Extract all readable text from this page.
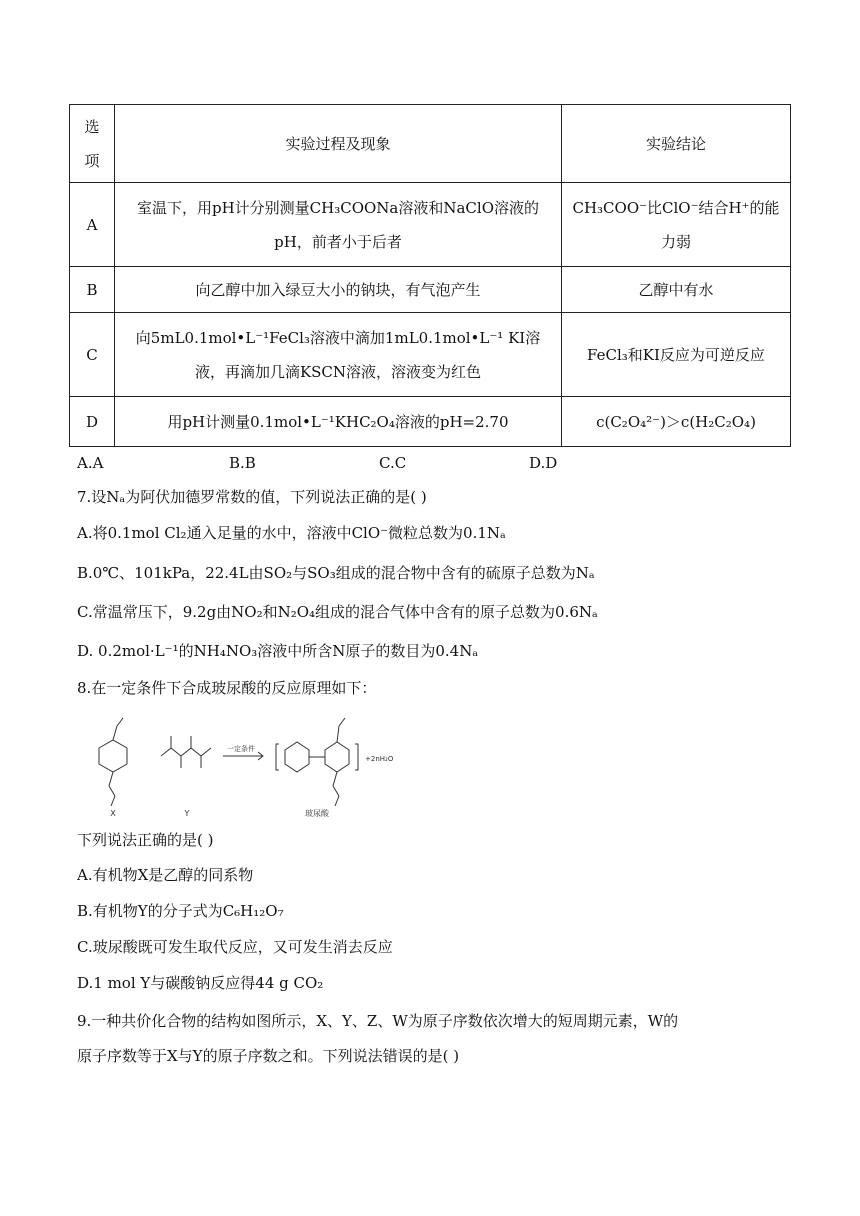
选项	实验过程及现象	实验结论
A	室温下，用pH计分别测量CH₃COONa溶液和NaClO溶液的pH，前者小于后者	CH₃COO⁻比ClO⁻结合H⁺的能力弱
B	向乙醇中加入绿豆大小的钠块，有气泡产生	乙醇中有水
C	向5mL0.1mol•L⁻¹FeCl₃溶液中滴加1mL0.1mol•L⁻¹ KI溶液，再滴加几滴KSCN溶液，溶液变为红色	FeCl₃和KI反应为可逆反应
D	用pH计测量0.1mol•L⁻¹KHC₂O₄溶液的pH=2.70	c(C₂O₄²⁻)＞c(H₂C₂O₄)
A.A	B.B	C.C	D.D
7.设Nₐ为阿伏加德罗常数的值，下列说法正确的是( )
A.将0.1mol Cl₂通入足量的水中，溶液中ClO⁻微粒总数为0.1Nₐ
B.0℃、101kPa，22.4L由SO₂与SO₃组成的混合物中含有的硫原子总数为Nₐ
C.常温常压下，9.2g由NO₂和N₂O₄组成的混合气体中含有的原子总数为0.6Nₐ
D. 0.2mol·L⁻¹的NH₄NO₃溶液中所含N原子的数目为0.4Nₐ
8.在一定条件下合成玻尿酸的反应原理如下：
一定条件
+2nH₂O
X	Y	玻尿酸
下列说法正确的是( )
A.有机物X是乙醇的同系物
B.有机物Y的分子式为C₆H₁₂O₇
C.玻尿酸既可发生取代反应，又可发生消去反应
D.1 mol Y与碳酸钠反应得44 g CO₂
9.一种共价化合物的结构如图所示，X、Y、Z、W为原子序数依次增大的短周期元素，W的
原子序数等于X与Y的原子序数之和。下列说法错误的是( )
